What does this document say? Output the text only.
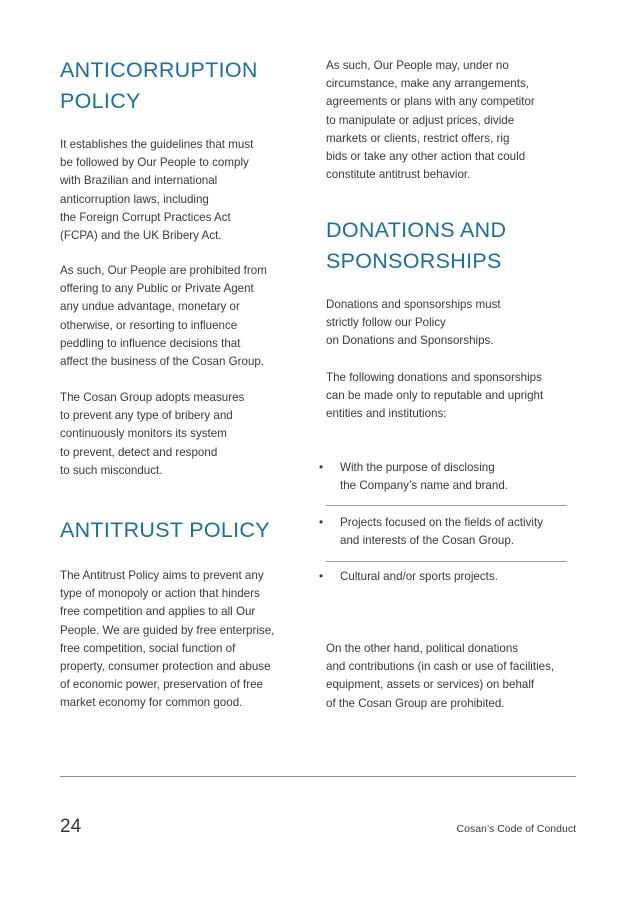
ANTICORRUPTION
POLICY

It establishes the guidelines that must
be followed by Our People to comply
with Brazilian and international
anticorruption laws, including
the Foreign Corrupt Practices Act
(FCPA) and the UK Bribery Act.

As such, Our People are prohibited from
offering to any Public or Private Agent
any undue advantage, monetary or
otherwise, or resorting to influence
peddling to influence decisions that
affect the business of the Cosan Group.

The Cosan Group adopts measures
to prevent any type of bribery and
continuously monitors its system
to prevent, detect and respond
to such misconduct.

ANTITRUST POLICY

The Antitrust Policy aims to prevent any
type of monopoly or action that hinders
free competition and applies to all Our
People. We are guided by free enterprise,
free competition, social function of
property, consumer protection and abuse
of economic power, preservation of free
market economy for common good.

As such, Our People may, under no
circumstance, make any arrangements,
agreements or plans with any competitor
to manipulate or adjust prices, divide
markets or clients, restrict offers, rig
bids or take any other action that could
constitute antitrust behavior.

DONATIONS AND
SPONSORSHIPS

Donations and sponsorships must
strictly follow our Policy
on Donations and Sponsorships.

The following donations and sponsorships
can be made only to reputable and upright
entities and institutions:

• With the purpose of disclosing
the Company’s name and brand.
• Projects focused on the fields of activity
and interests of the Cosan Group.
• Cultural and/or sports projects.

On the other hand, political donations
and contributions (in cash or use of facilities,
equipment, assets or services) on behalf
of the Cosan Group are prohibited.

24	Cosan’s Code of Conduct
